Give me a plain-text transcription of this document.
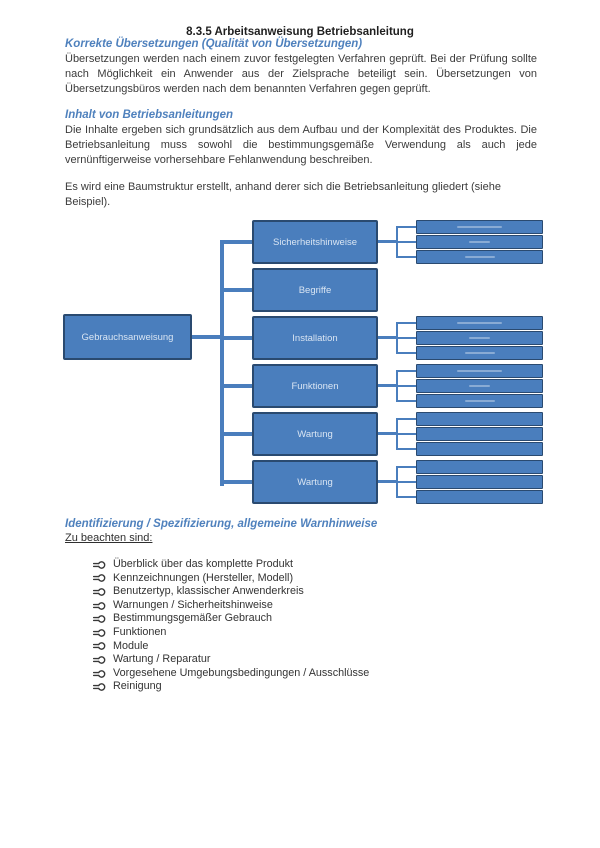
8.3.5 Arbeitsanweisung Betriebsanleitung
Korrekte Übersetzungen (Qualität von Übersetzungen)

Übersetzungen werden nach einem zuvor festgelegten Verfahren geprüft. Bei der Prüfung sollte nach Möglichkeit ein Anwender aus der Zielsprache beteiligt sein. Übersetzungen von Übersetzungsbüros werden nach dem benannten Verfahren gegen geprüft.

Inhalt von Betriebsanleitungen

Die Inhalte ergeben sich grundsätzlich aus dem Aufbau und der Komplexität des Produktes. Die Betriebsanleitung muss sowohl die bestimmungsgemäße Verwendung als auch jede vernünftigerweise vorhersehbare Fehlanwendung beschreiben.

Es wird eine Baumstruktur erstellt, anhand derer sich die Betriebsanleitung gliedert (siehe Beispiel).

Gebrauchsanweisung
Sicherheitshinweise
Begriffe
Installation
Funktionen
Wartung
Wartung
Identifizierung / Spezifizierung, allgemeine Warnhinweise

Zu beachten sind:

Überblick über das komplette Produkt
Kennzeichnungen (Hersteller, Modell)
Benutzertyp, klassischer Anwenderkreis
Warnungen / Sicherheitshinweise
Bestimmungsgemäßer Gebrauch
Funktionen
Module
Wartung / Reparatur
Vorgesehene Umgebungsbedingungen / Ausschlüsse
Reinigung
